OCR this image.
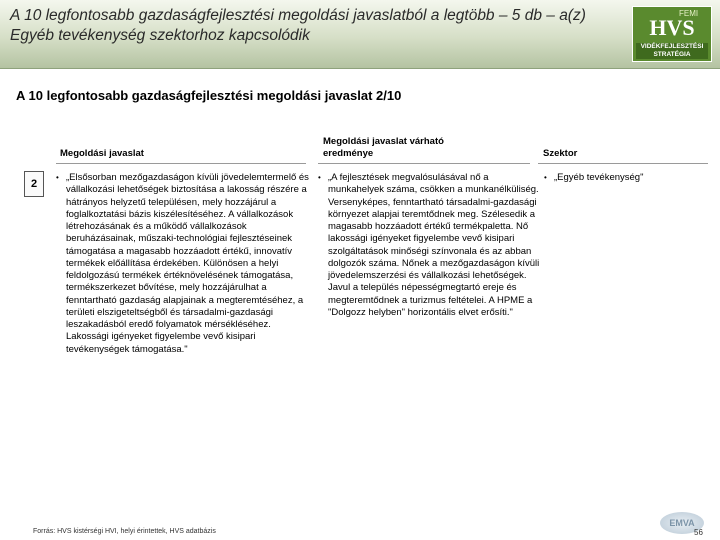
A 10 legfontosabb gazdaságfejlesztési megoldási javaslatból a legtöbb – 5 db – a(z) Egyéb tevékenység szektorhoz kapcsolódik
FEMI
HVS
VIDÉKFEJLESZTÉSI STRATÉGIA
A 10 legfontosabb gazdaságfejlesztési megoldási javaslat 2/10
Megoldási javaslat
Megoldási javaslat várható eredménye	Szektor
2
• „Elsősorban mezőgazdaságon kívüli jövedelemtermelő és vállalkozási lehetőségek biztosítása a lakosság részére a hátrányos helyzetű településen, mely hozzájárul a foglalkoztatási bázis kiszélesítéséhez. A vállalkozások létrehozásának és a működő vállalkozások beruházásainak, műszaki-technológiai fejlesztéseinek támogatása a magasabb hozzáadott értékű, innovatív termékek előállítása érdekében. Különösen a helyi feldolgozású termékek értéknövelésének támogatása, termékszerkezet bővítése, mely hozzájárulhat a fenntartható gazdaság alapjainak a megteremtéséhez, a területi elszigeteltségből és társadalmi-gazdasági leszakadásból eredő folyamatok mérsékléséhez. Lakossági igényeket figyelembe vevő kisipari tevékenységek támogatása."
• „A fejlesztések megvalósulásával nő a munkahelyek száma, csökken a munkanélküliség. Versenyképes, fenntartható társadalmi-gazdasági környezet alapjai teremtődnek meg. Szélesedik a magasabb hozzáadott értékű termékpaletta. Nő lakossági igényeket figyelembe vevő kisipari szolgáltatások minőségi színvonala és az abban dolgozók száma. Nőnek a mezőgazdaságon kívüli jövedelemszerzési és vállalkozási lehetőségek. Javul a település népességmegtartó ereje és megteremtődnek a turizmus feltételei. A HPME a "Dolgozz helyben" horizontális elvet erősíti."
• „Egyéb tevékenység"
Forrás: HVS kistérségi HVI, helyi érintettek, HVS adatbázis
EMVA
56
